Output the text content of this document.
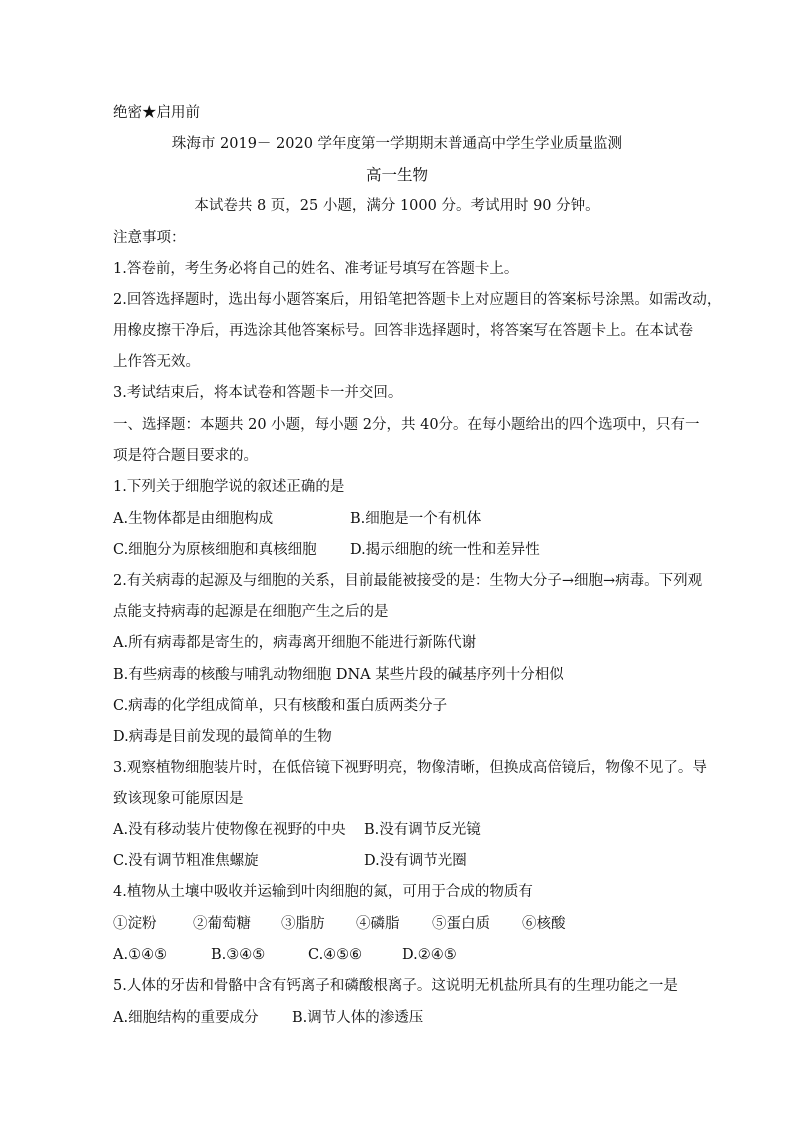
绝密★启用前
珠海市 2019－ 2020 学年度第一学期期末普通高中学生学业质量监测
高一生物
本试卷共 8 页，25 小题，满分 1000 分。考试用时 90 分钟。
注意事项：
1.答卷前，考生务必将自己的姓名、准考证号填写在答题卡上。
2.回答选择题时，选出每小题答案后，用铅笔把答题卡上对应题目的答案标号涂黑。如需改动，
用橡皮擦干净后，再选涂其他答案标号。回答非选择题时，将答案写在答题卡上。在本试卷
上作答无效。
3.考试结束后，将本试卷和答题卡一并交回。
一、选择题：本题共 20 小题，每小题 2分，共 40分。在每小题给出的四个选项中，只有一
项是符合题目要求的。
1.下列关于细胞学说的叙述正确的是
A.生物体都是由细胞构成	B.细胞是一个有机体
C.细胞分为原核细胞和真核细胞 D.揭示细胞的统一性和差异性
2.有关病毒的起源及与细胞的关系，目前最能被接受的是：生物大分子→细胞→病毒。下列观
点能支持病毒的起源是在细胞产生之后的是
A.所有病毒都是寄生的，病毒离开细胞不能进行新陈代谢
B.有些病毒的核酸与哺乳动物细胞 DNA 某些片段的碱基序列十分相似
C.病毒的化学组成简单，只有核酸和蛋白质两类分子
D.病毒是目前发现的最简单的生物
3.观察植物细胞装片时，在低倍镜下视野明亮，物像清晰，但换成高倍镜后，物像不见了。导
致该现象可能原因是
A.没有移动装片使物像在视野的中央 B.没有调节反光镜
C.没有调节粗准焦螺旋	D.没有调节光圈
4.植物从土壤中吸收并运输到叶肉细胞的氮，可用于合成的物质有
①淀粉	②葡萄糖 ③脂肪 ④磷脂 ⑤蛋白质 ⑥核酸
A.①④⑤	B.③④⑤	C.④⑤⑥	D.②④⑤
5.人体的牙齿和骨骼中含有钙离子和磷酸根离子。这说明无机盐所具有的生理功能之一是
A.细胞结构的重要成分 B.调节人体的渗透压
